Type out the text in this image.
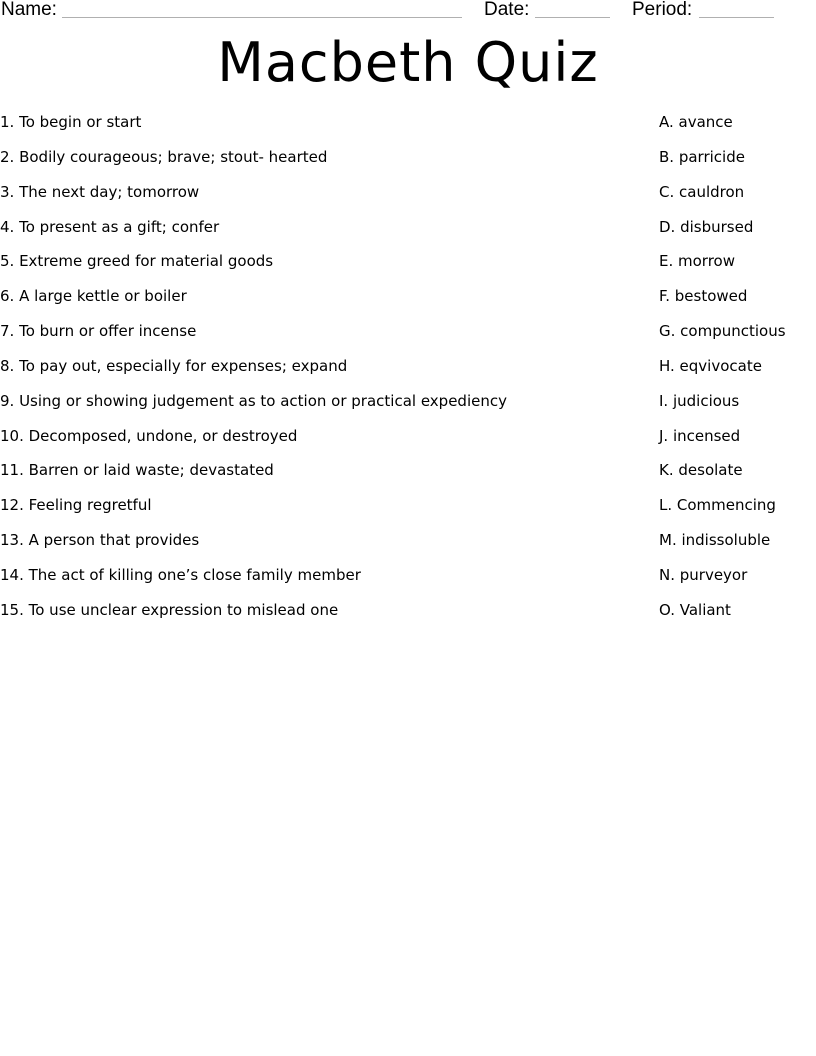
Name:	Date:	Period:
Macbeth Quiz
1. To begin or start
2. Bodily courageous; brave; stout- hearted
3. The next day; tomorrow
4. To present as a gift; confer
5. Extreme greed for material goods
6. A large kettle or boiler
7. To burn or offer incense
8. To pay out, especially for expenses; expand
9. Using or showing judgement as to action or practical expediency
10. Decomposed, undone, or destroyed
11. Barren or laid waste; devastated
12. Feeling regretful
13. A person that provides
14. The act of killing one’s close family member
15. To use unclear expression to mislead one
A. avance
B. parricide
C. cauldron
D. disbursed
E. morrow
F. bestowed
G. compunctious
H. eqvivocate
I. judicious
J. incensed
K. desolate
L. Commencing
M. indissoluble
N. purveyor
O. Valiant
